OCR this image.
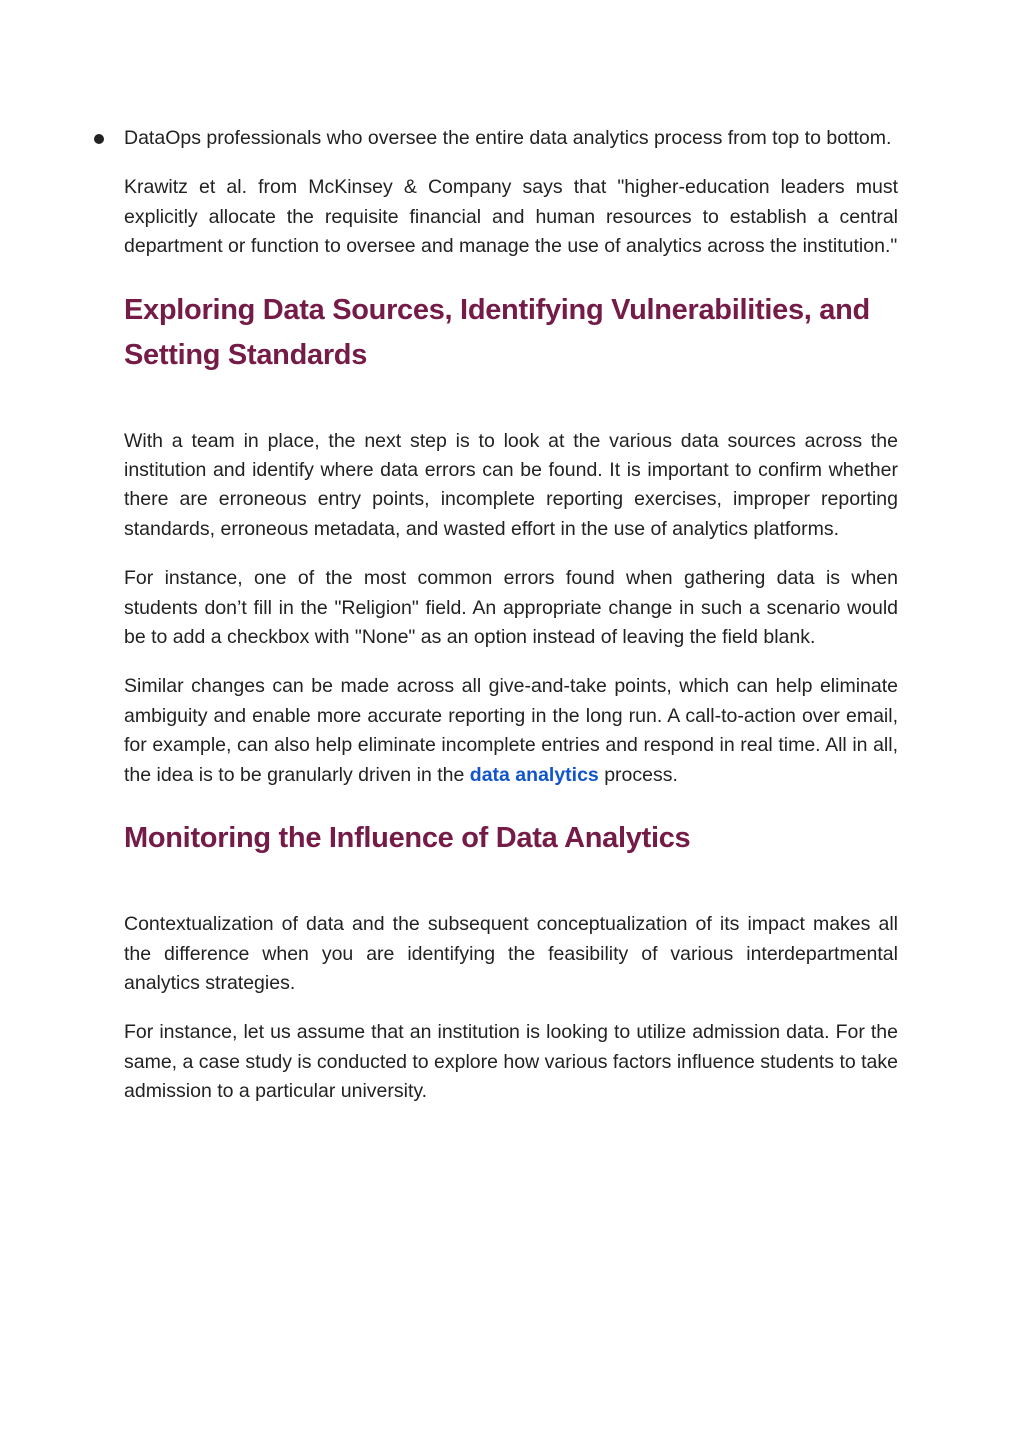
DataOps professionals who oversee the entire data analytics process from top to bottom.

Krawitz et al. from McKinsey & Company says that "higher-education leaders must explicitly allocate the requisite financial and human resources to establish a central department or function to oversee and manage the use of analytics across the institution."

Exploring Data Sources, Identifying Vulnerabilities, and Setting Standards

With a team in place, the next step is to look at the various data sources across the institution and identify where data errors can be found. It is important to confirm whether there are erroneous entry points, incomplete reporting exercises, improper reporting standards, erroneous metadata, and wasted effort in the use of analytics platforms.

For instance, one of the most common errors found when gathering data is when students don’t fill in the "Religion" field. An appropriate change in such a scenario would be to add a checkbox with "None" as an option instead of leaving the field blank.

Similar changes can be made across all give-and-take points, which can help eliminate ambiguity and enable more accurate reporting in the long run. A call-to-action over email, for example, can also help eliminate incomplete entries and respond in real time. All in all, the idea is to be granularly driven in the data analytics process.

Monitoring the Influence of Data Analytics

Contextualization of data and the subsequent conceptualization of its impact makes all the difference when you are identifying the feasibility of various interdepartmental analytics strategies.

For instance, let us assume that an institution is looking to utilize admission data. For the same, a case study is conducted to explore how various factors influence students to take admission to a particular university.
